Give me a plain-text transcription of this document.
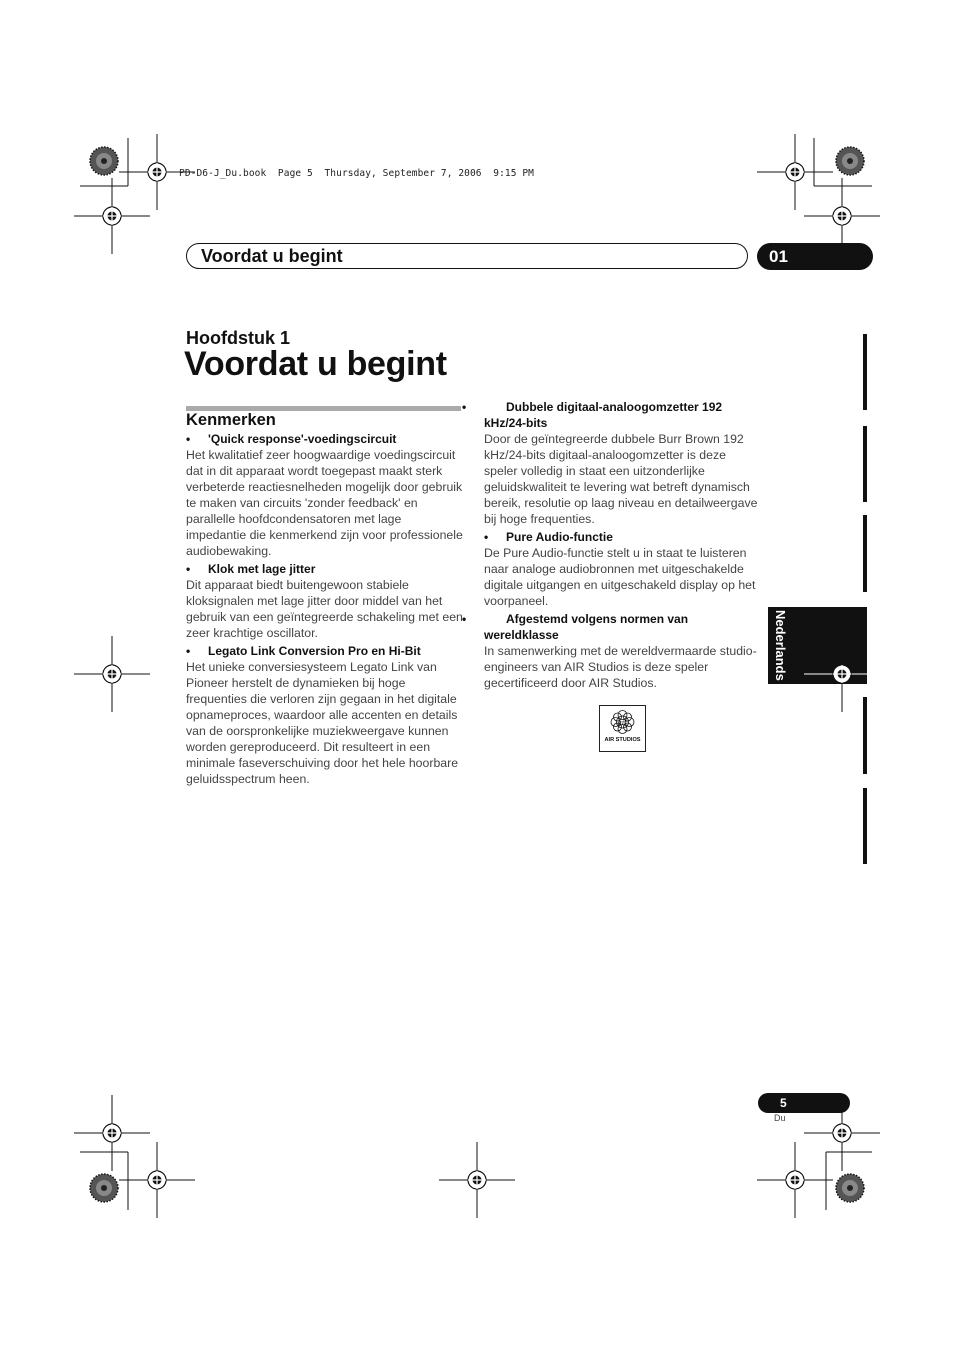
PD-D6-J_Du.book  Page 5  Thursday, September 7, 2006  9:15 PM
Voordat u begint	01
Hoofdstuk 1
Voordat u begint
Kenmerken

• 'Quick response'-voedingscircuit

Het kwalitatief zeer hoogwaardige voedingscircuit dat in dit apparaat wordt toegepast maakt sterk verbeterde reactiesnelheden mogelijk door gebruik te maken van circuits 'zonder feedback' en parallelle hoofdcondensatoren met lage impedantie die kenmerkend zijn voor professionele audiobewaking.

• Klok met lage jitter

Dit apparaat biedt buitengewoon stabiele kloksignalen met lage jitter door middel van het gebruik van een geïntegreerde schakeling met een zeer krachtige oscillator.

• Legato Link Conversion Pro en Hi-Bit

Het unieke conversiesysteem Legato Link van Pioneer herstelt de dynamieken bij hoge frequenties die verloren zijn gegaan in het digitale opnameproces, waardoor alle accenten en details van de oorspronkelijke muziekweergave kunnen worden gereproduceerd. Dit resulteert in een minimale faseverschuiving door het hele hoorbare geluidsspectrum heen.

•	Dubbele digitaal-analoogomzetter 192 kHz/24-bits

Door de geïntegreerde dubbele Burr Brown 192 kHz/24-bits digitaal-analoogomzetter is deze speler volledig in staat een uitzonderlijke geluidskwaliteit te levering wat betreft dynamisch bereik, resolutie op laag niveau en detailweergave bij hoge frequenties.

• Pure Audio-functie

De Pure Audio-functie stelt u in staat te luisteren naar analoge audiobronnen met uitgeschakelde digitale uitgangen en uitgeschakeld display op het voorpaneel.

•	Afgestemd volgens normen van wereldklasse

In samenwerking met de wereldvermaarde studio-engineers van AIR Studios is deze speler gecertificeerd door AIR Studios.

air
AIR STUDIOS
Nederlands
5
Du
